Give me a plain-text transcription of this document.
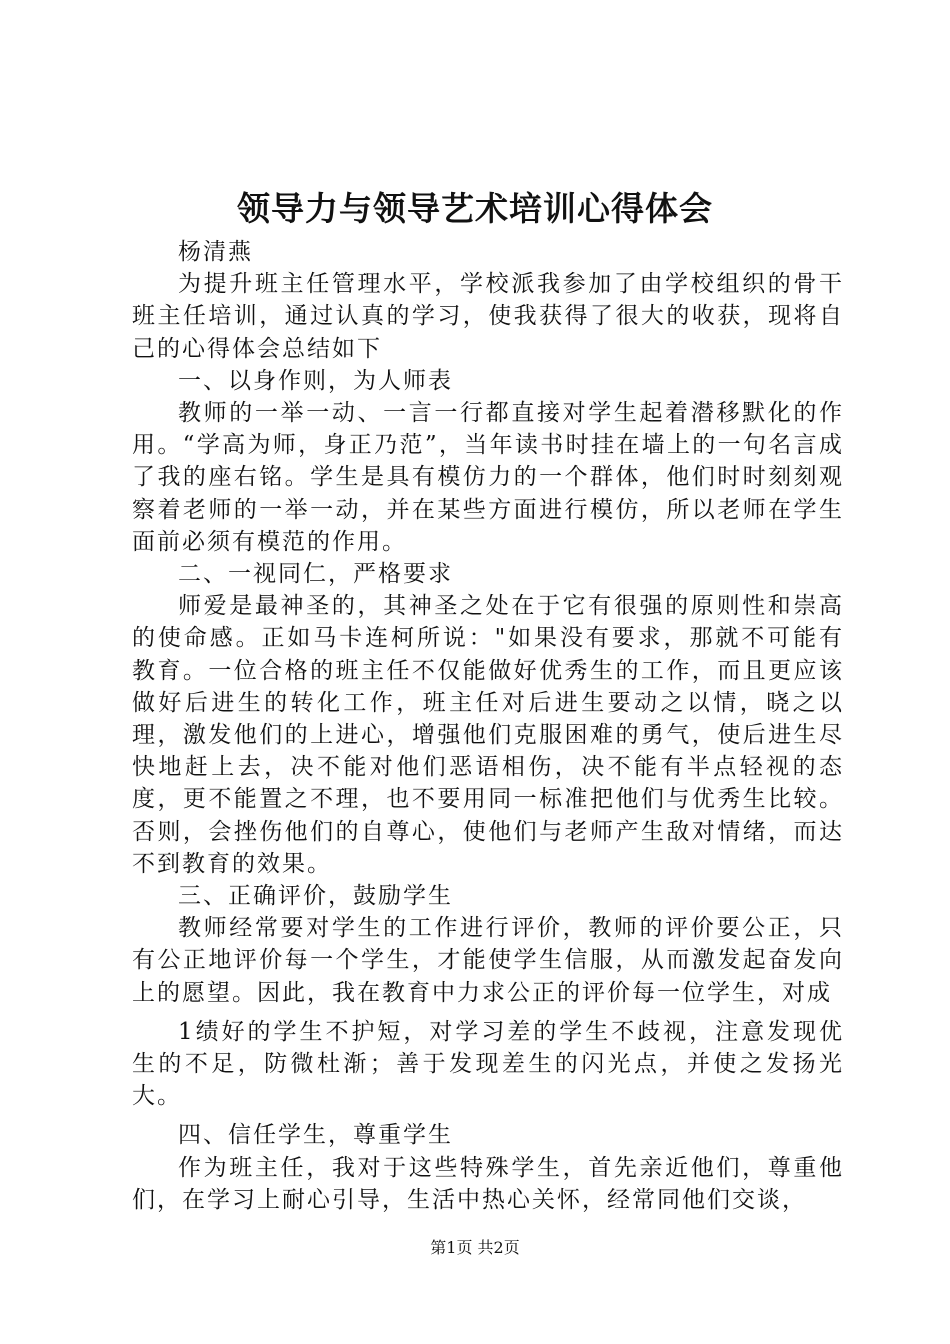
领导力与领导艺术培训心得体会

杨清燕

为提升班主任管理水平，学校派我参加了由学校组织的骨干班主任培训，通过认真的学习，使我获得了很大的收获，现将自己的心得体会总结如下

一、以身作则，为人师表

教师的一举一动、一言一行都直接对学生起着潜移默化的作用。“学高为师，身正乃范”，当年读书时挂在墙上的一句名言成了我的座右铭。学生是具有模仿力的一个群体，他们时时刻刻观察着老师的一举一动，并在某些方面进行模仿，所以老师在学生面前必须有模范的作用。

二、一视同仁，严格要求

师爱是最神圣的，其神圣之处在于它有很强的原则性和崇高的使命感。正如马卡连柯所说："如果没有要求，那就不可能有教育。一位合格的班主任不仅能做好优秀生的工作，而且更应该做好后进生的转化工作，班主任对后进生要动之以情，晓之以理，激发他们的上进心，增强他们克服困难的勇气，使后进生尽快地赶上去，决不能对他们恶语相伤，决不能有半点轻视的态度，更不能置之不理，也不要用同一标准把他们与优秀生比较。否则，会挫伤他们的自尊心，使他们与老师产生敌对情绪，而达不到教育的效果。

三、正确评价，鼓励学生

教师经常要对学生的工作进行评价，教师的评价要公正，只有公正地评价每一个学生，才能使学生信服，从而激发起奋发向上的愿望。因此，我在教育中力求公正的评价每一位学生，对成

1绩好的学生不护短，对学习差的学生不歧视，注意发现优生的不足，防微杜渐；善于发现差生的闪光点，并使之发扬光大。

四、信任学生，尊重学生

作为班主任，我对于这些特殊学生，首先亲近他们，尊重他们，在学习上耐心引导，生活中热心关怀，经常同他们交谈，

第1页 共2页
